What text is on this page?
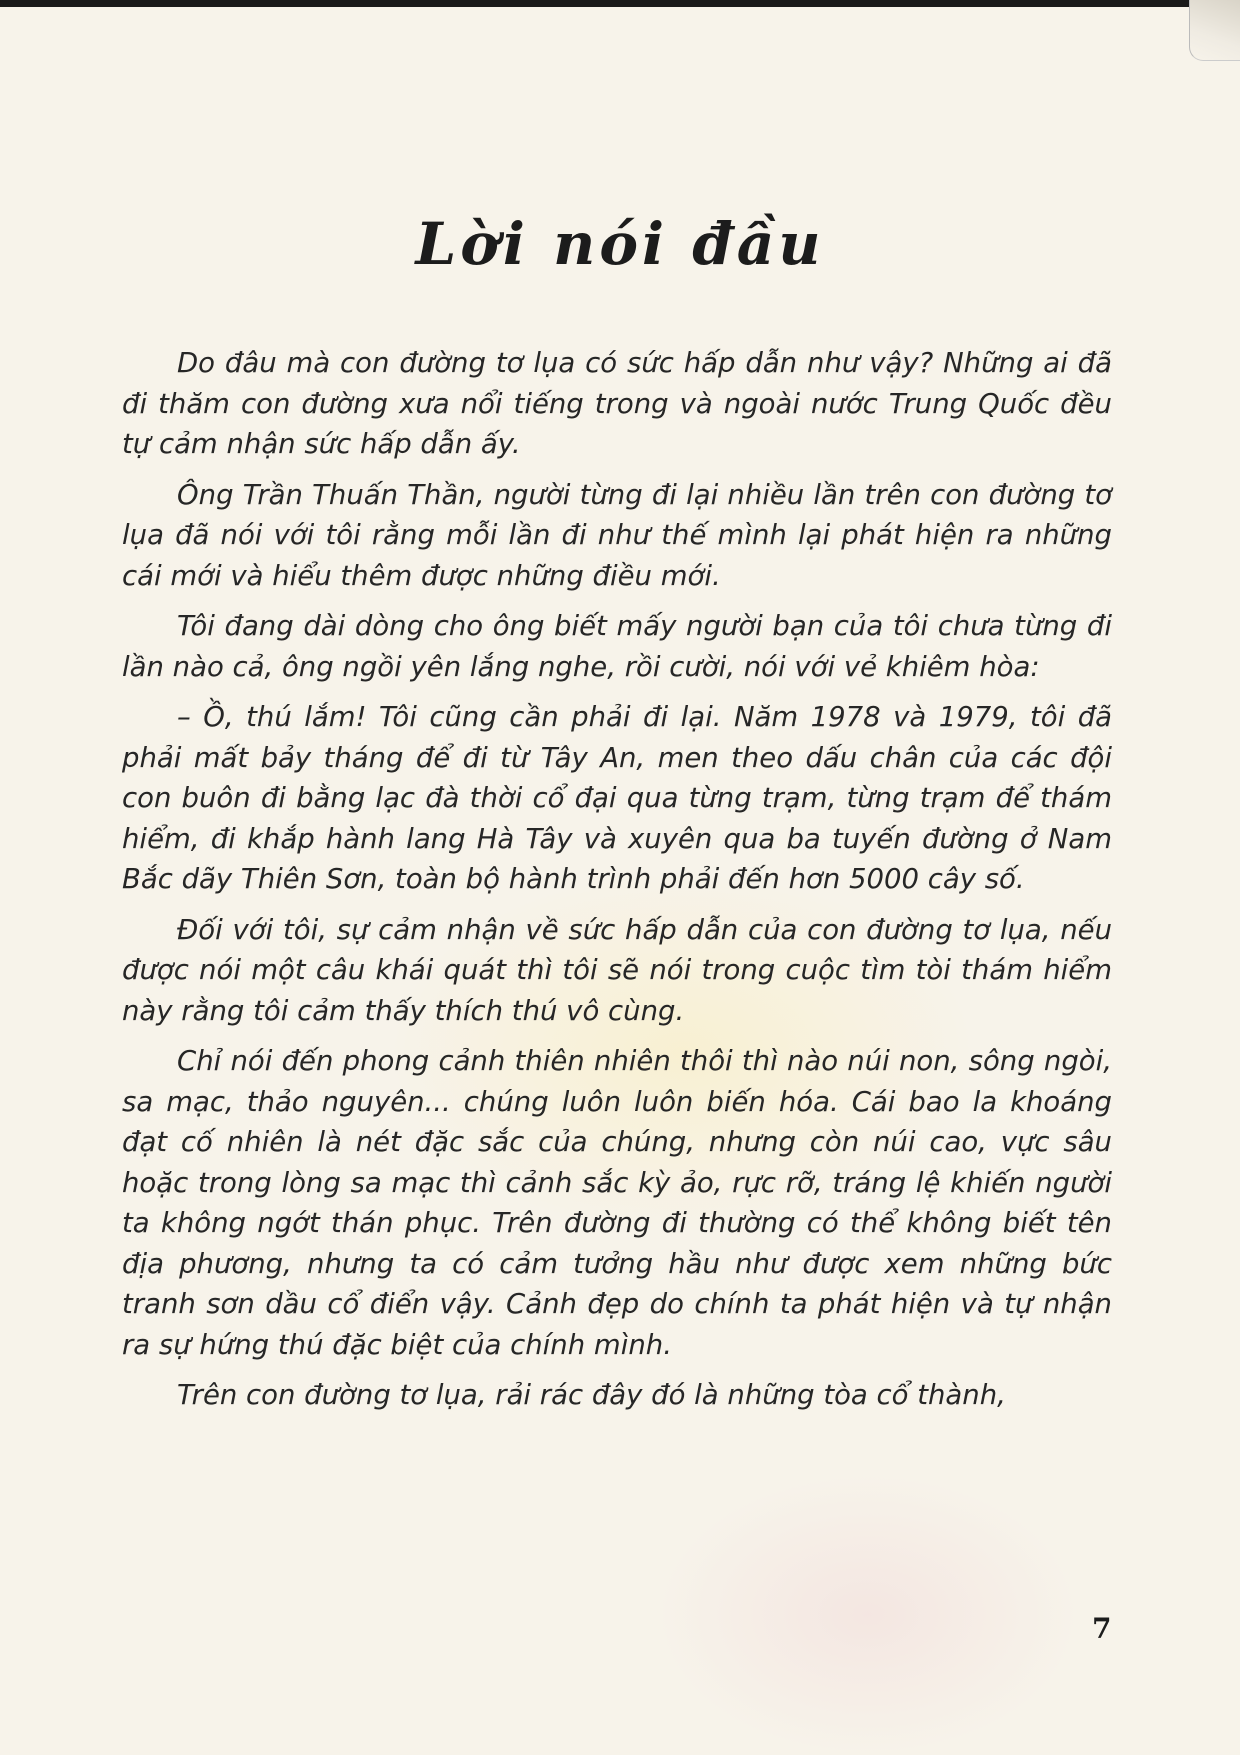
Lời nói đầu

Do đâu mà con đường tơ lụa có sức hấp dẫn như vậy? Những ai đã đi thăm con đường xưa nổi tiếng trong và ngoài nước Trung Quốc đều tự cảm nhận sức hấp dẫn ấy.

Ông Trần Thuấn Thần, người từng đi lại nhiều lần trên con đường tơ lụa đã nói với tôi rằng mỗi lần đi như thế mình lại phát hiện ra những cái mới và hiểu thêm được những điều mới.

Tôi đang dài dòng cho ông biết mấy người bạn của tôi chưa từng đi lần nào cả, ông ngồi yên lắng nghe, rồi cười, nói với vẻ khiêm hòa:

– Ồ, thú lắm! Tôi cũng cần phải đi lại. Năm 1978 và 1979, tôi đã phải mất bảy tháng để đi từ Tây An, men theo dấu chân của các đội con buôn đi bằng lạc đà thời cổ đại qua từng trạm, từng trạm để thám hiểm, đi khắp hành lang Hà Tây và xuyên qua ba tuyến đường ở Nam Bắc dãy Thiên Sơn, toàn bộ hành trình phải đến hơn 5000 cây số.

Đối với tôi, sự cảm nhận về sức hấp dẫn của con đường tơ lụa, nếu được nói một câu khái quát thì tôi sẽ nói trong cuộc tìm tòi thám hiểm này rằng tôi cảm thấy thích thú vô cùng.

Chỉ nói đến phong cảnh thiên nhiên thôi thì nào núi non, sông ngòi, sa mạc, thảo nguyên... chúng luôn luôn biến hóa. Cái bao la khoáng đạt cố nhiên là nét đặc sắc của chúng, nhưng còn núi cao, vực sâu hoặc trong lòng sa mạc thì cảnh sắc kỳ ảo, rực rỡ, tráng lệ khiến người ta không ngớt thán phục. Trên đường đi thường có thể không biết tên địa phương, nhưng ta có cảm tưởng hầu như được xem những bức tranh sơn dầu cổ điển vậy. Cảnh đẹp do chính ta phát hiện và tự nhận ra sự hứng thú đặc biệt của chính mình.

Trên con đường tơ lụa, rải rác đây đó là những tòa cổ thành,

7
